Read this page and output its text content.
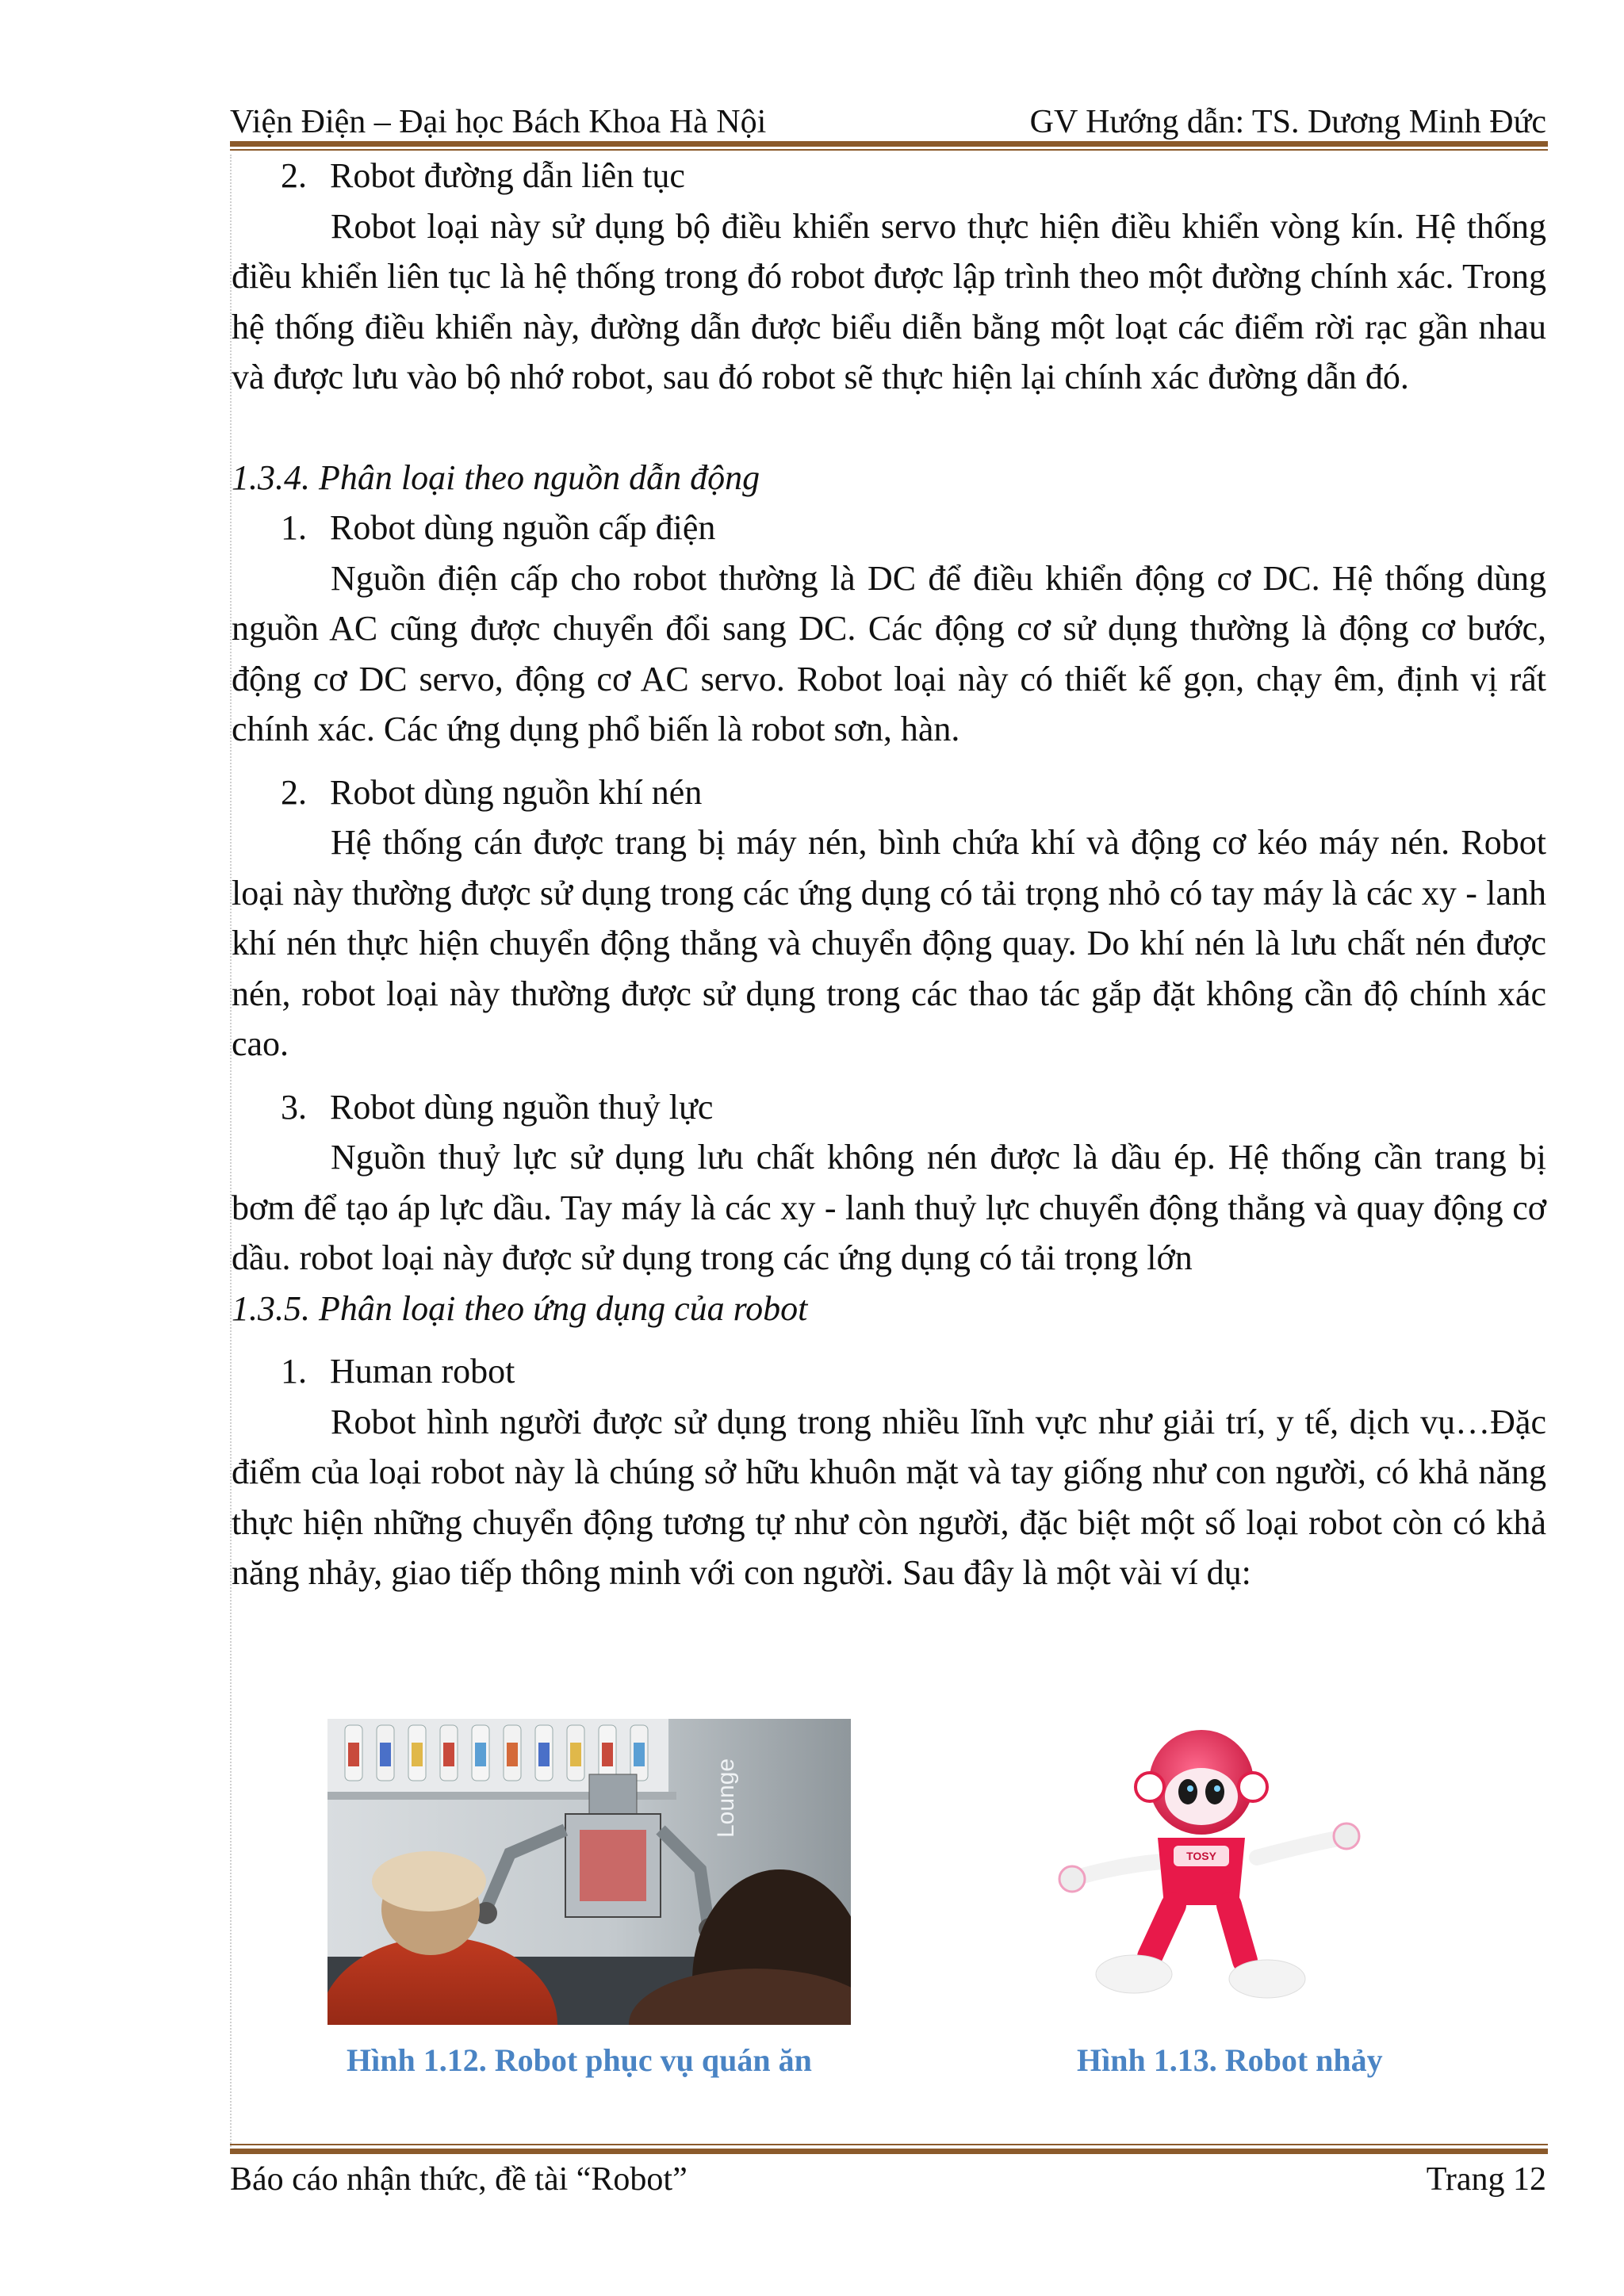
Viện Điện – Đại học Bách Khoa Hà Nội	GV Hướng dẫn: TS. Dương Minh Đức

2. Robot đường dẫn liên tục

Robot loại này sử dụng bộ điều khiển servo thực hiện điều khiển vòng kín. Hệ thống điều khiển liên tục là hệ thống trong đó robot được lập trình theo một đường chính xác. Trong hệ thống điều khiển này, đường dẫn được biểu diễn bằng một loạt các điểm rời rạc gần nhau và được lưu vào bộ nhớ robot, sau đó robot sẽ thực hiện lại chính xác đường dẫn đó.

1.3.4. Phân loại theo nguồn dẫn động

1. Robot dùng nguồn cấp điện

Nguồn điện cấp cho robot thường là DC để điều khiển động cơ DC. Hệ thống dùng nguồn AC cũng được chuyển đổi sang DC. Các động cơ sử dụng thường là động cơ bước, động cơ DC servo, động cơ AC servo. Robot loại này có thiết kế gọn, chạy êm, định vị rất chính xác. Các ứng dụng phổ biến là robot sơn, hàn.

2. Robot dùng nguồn khí nén

Hệ thống cán được trang bị máy nén, bình chứa khí và động cơ kéo máy nén. Robot loại này thường được sử dụng trong các ứng dụng có tải trọng nhỏ có tay máy là các xy - lanh khí nén thực hiện chuyển động thẳng và chuyển động quay. Do khí nén là lưu chất nén được nén, robot loại này thường được sử dụng trong các thao tác gắp đặt không cần độ chính xác cao.

3. Robot dùng nguồn thuỷ lực

Nguồn thuỷ lực sử dụng lưu chất không nén được là dầu ép. Hệ thống cần trang bị bơm để tạo áp lực dầu. Tay máy là các xy - lanh thuỷ lực chuyển động thẳng và quay động cơ dầu. robot loại này được sử dụng trong các ứng dụng có tải trọng lớn

1.3.5. Phân loại theo ứng dụng của robot

1. Human robot

Robot hình người được sử dụng trong nhiều lĩnh vực như giải trí, y tế, dịch vụ…Đặc điểm của loại robot này là chúng sở hữu khuôn mặt và tay giống như con người, có khả năng thực hiện những chuyển động tương tự như còn người, đặc biệt một số loại robot còn có khả năng nhảy, giao tiếp thông minh với con người. Sau đây là một vài ví dụ:

Lounge
TOSY
Hình 1.12. Robot phục vụ quán ăn	Hình 1.13. Robot nhảy
Báo cáo nhận thức, đề tài “Robot”	Trang 12
